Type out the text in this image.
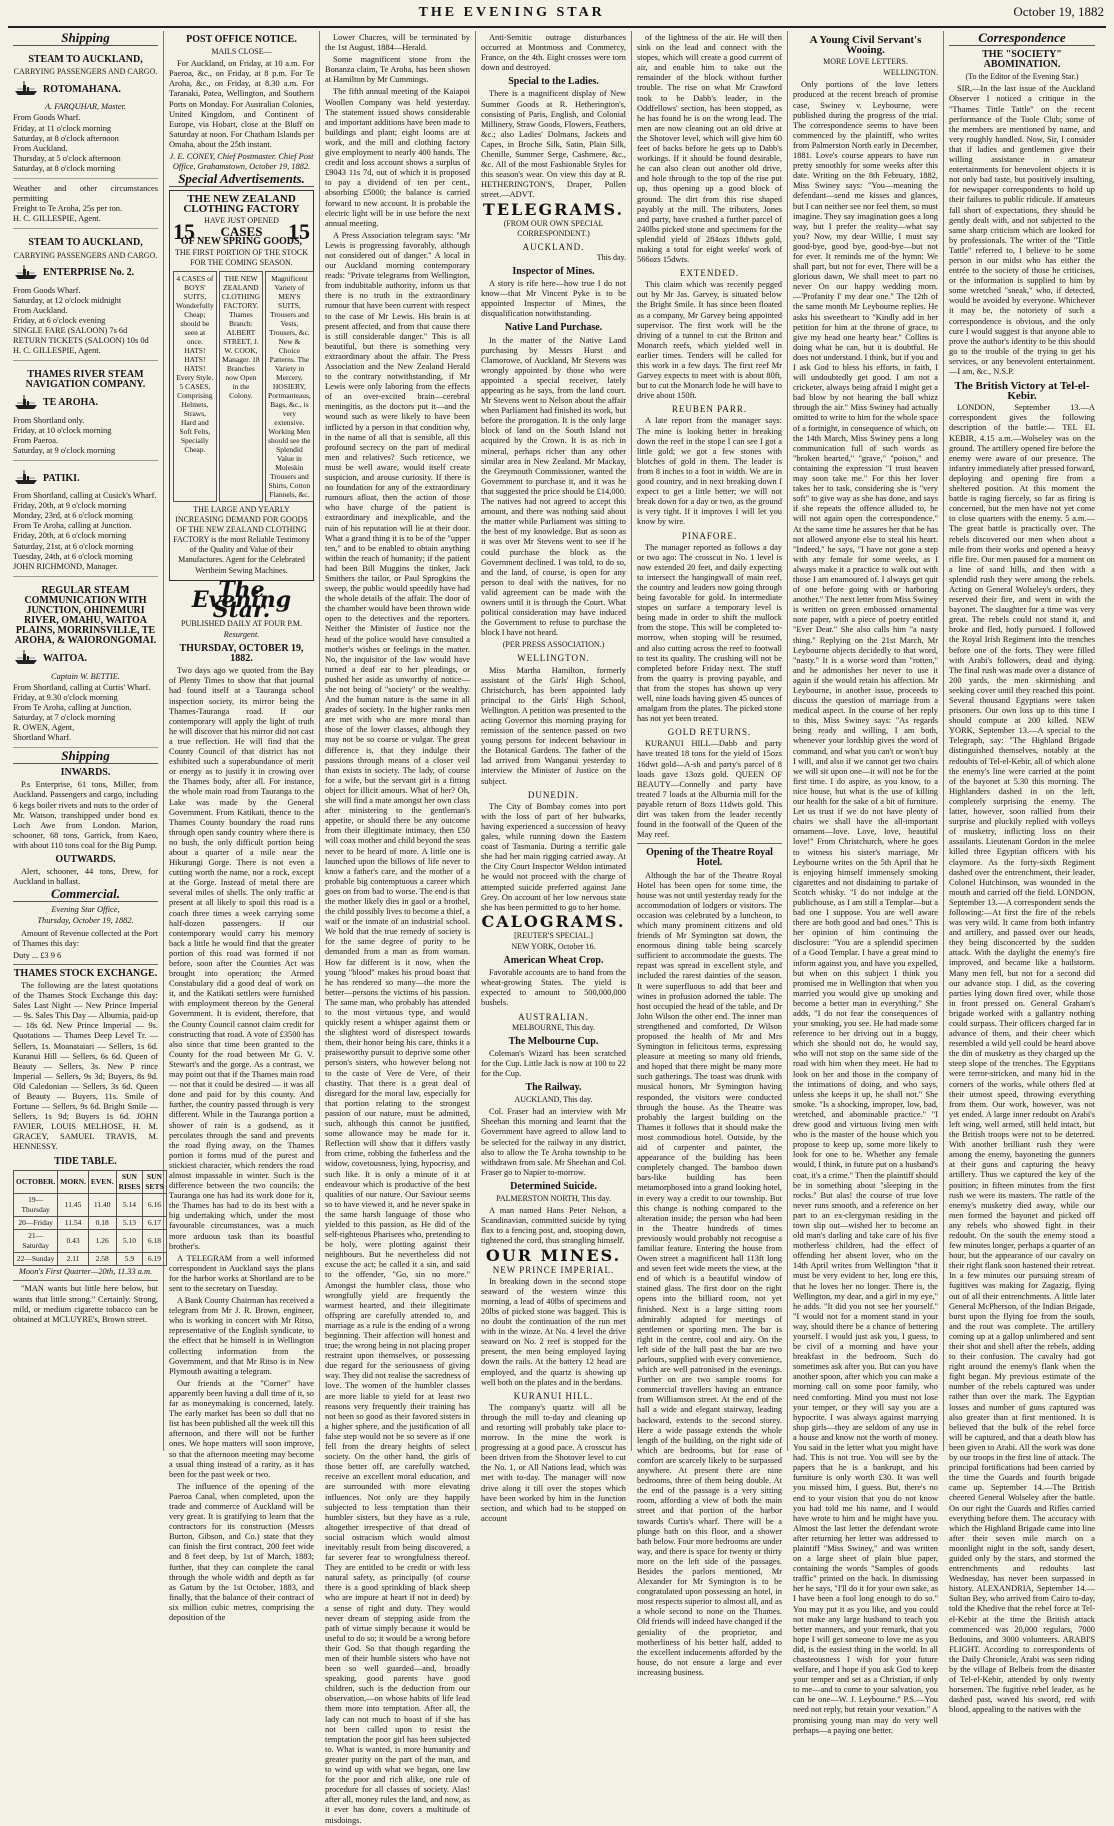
THE EVENING STAR	October 19, 1882
Shipping
STEAM TO AUCKLAND,
CARRYING PASSENGERS AND CARGO.
ROTOMAHANA.
A. FARQUHAR, Master.
From Goods Wharf.
Friday, at 11 o'clock morning
Saturday, at 8 o'clock afternoon
From Auckland.
Thursday, at 5 o'clock afternoon
Saturday, at 8 o'clock morning
Weather and other circumstances permitting
Freight to Te Aroha, 25s per ton.
H. C. GILLESPIE, Agent.
STEAM TO AUCKLAND,
CARRYING PASSENGERS AND CARGO.
ENTERPRISE No. 2.
From Goods Wharf.
Saturday, at 12 o'clock midnight
From Auckland.
Friday, at 6 o'clock evening
SINGLE FARE (SALOON) 7s 6d
RETURN TICKETS (SALOON) 10s 0d
H. C. GILLESPIE, Agent.
THAMES RIVER STEAM NAVIGATION COMPANY.
TE AROHA.
From Shortland only.
Friday, at 10 o'clock morning
From Paeroa.
Saturday, at 9 o'clock morning
PATIKI.
From Shortland, calling at Cusick's Wharf.
Friday, 20th, at 9 o'clock morning
Monday, 23rd, at 6 o'clock morning
From Te Aroha, calling at Junction.
Friday, 20th, at 6 o'clock morning
Saturday, 21st, at 6 o'clock morning
Tuesday, 24th, at 6 o'clock morning
JOHN RICHMOND, Manager.
REGULAR STEAM COMMUNICATION WITH JUNCTION, OHINEMURI RIVER, OMAHU, WAITOA PLAINS, MORRINSVILLE, TE AROHA, & WAIORONGOMAI.
WAITOA.
Captain W. BETTIE.
From Shortland, calling at Curtis' Wharf.
Friday, at 9.30 o'clock morning
From Te Aroha, calling at Junction.
Saturday, at 7 o'clock morning
R. OWEN, Agent,
Shortland Wharf.
Shipping
INWARDS.

P.s Enterprise, 61 tons, Miller, from Auckland. Passengers and cargo, including 6 kegs boiler rivets and nuts to the order of Mr. Watson, transhipped under bond ex Loch Awe from London. Marion, schooner, 68 tons, Garrick, from Kaeo, with about 110 tons coal for the Big Pump.

OUTWARDS.

Alert, schooner, 44 tons, Drew, for Auckland in ballast.

Commercial.
Evening Star Office,
Thursday, October 19, 1882.

Amount of Revenue collected at the Port of Thames this day:

Duty ... £3 9 6
THAMES STOCK EXCHANGE.

The following are the latest quotations of the Thames Stock Exchange this day: Sales Last Night — New Prince Imperial — 9s. Sales This Day — Alburnia, paid-up — 18s 6d. New Prince Imperial — 9s. Quotations — Thames Deep Level Tr. — Sellers, 1s. Moanataiari — Sellers, 1s 6d. Kuranui Hill — Sellers, 6s 6d. Queen of Beauty — Sellers, 3s. New P rince Imperial — Sellers, 9s 3d; Buyers, 8s 9d. Old Caledonian — Sellers, 3s 6d. Queen of Beauty — Buyers, 11s. Smile of Fortune — Sellers, 9s 6d. Bright Smile — Sellers, 1s 9d; Buyers 1s 6d. JOHN FAVIER, LOUIS MELHOSE, H. M. GRACEY, SAMUEL TRAVIS, M. HENNESSY.

TIDE TABLE.
OCTOBER.	MORN.	EVEN.	SUN RISES	SUN SETS
19—Thursday	11.45	11.40	5.14	6.16
20—Friday	11.54	0.18	5.13	6.17
21—Saturday	0.43	1.26	5.10	6.18
22—Sunday	2.11	2.58	5.9	6.19
Moon's First Quarter—20th, 11.33 a.m.

"MAN wants but little here below, but wants that little strong." Certainly. Strong, mild, or medium cigarette tobacco can be obtained at MCLUYRE's, Brown street.

POST OFFICE NOTICE.
MAILS CLOSE—

For Auckland, on Friday, at 10 a.m. For Paeroa, &c., on Friday, at 8 p.m. For Te Aroha, &c., on Friday, at 8.30 a.m. For Taranaki, Patea, Wellington, and Southern Ports on Monday. For Australian Colonies, United Kingdom, and Continent of Europe, via Hobart, close at the Bluff on Saturday at noon. For Chatham Islands per Omaha, about the 25th instant.

J. E. CONEY, Chief Postmaster. Chief Post Office, Grahamstown, October 19, 1882.
Special Advertisements.
THE NEW ZEALAND
CLOTHING FACTORY
HAVE JUST OPENED
15 CASES 15
OF NEW SPRING GOODS,
THE FIRST PORTION OF THE STOCK FOR THE COMING SEASON.
4 CASES of BOYS' SUITS, Wonderfully Cheap; should be seen at once. HATS! HATS! HATS! Every Style. 5 CASES, Comprising Helmets, Straws, Hard and Soft Felts, Specially Cheap.
THE NEW ZEALAND CLOTHING FACTORY. Thames Branch: ALBERT STREET, J. W. COOK, Manager. 18 Branches now Open in the Colony.
Magnificent Variety of MEN'S SUITS, Trousers and Vests, Trousers, &c. New & Choice Patterns. The Variety in Mercery, HOSIERY, Portmanteaus, Bags, &c., is very extensive. Working Men should see the Splendid Value in Moleskin Trousers and Shirts, Cotton Flannels, &c.
THE LARGE AND YEARLY INCREASING DEMAND FOR GOODS OF THE NEW ZEALAND CLOTHING FACTORY is the most Reliable Testimony of the Quality and Value of their Manufactures. Agent for the Celebrated Wertheim Sewing Machines.
The Evening Star.
PUBLISHED DAILY AT FOUR P.M.
Resurgent.
THURSDAY, OCTOBER 19, 1882.

Two days ago we quoted from the Bay of Plenty Times to show that that journal had found itself at a Tauranga school inspection society, its mirror being the Thames-Tauranga road. If our contemporary will apply the light of truth he will discover that his mirror did not cast a true reflection. He will find that the County Council of that district has not exhibited such a superabundance of merit or energy as to justify it in crowing over the Thames body, after all. For instance, the whole main road from Tauranga to the Lake was made by the General Government. From Katikati, thence to the Thames County boundary the road runs through open sandy country where there is no bush, the only difficult portion being about a quarter of a mile near the Hikurangi Gorge. There is not even a cutting worth the name, nor a rock, except at the Gorge. Instead of metal there are several miles of shells. The only traffic at present at all likely to spoil this road is a coach three times a week carrying some half-dozen passengers. If our contemporary would carry his memory back a little he would find that the greater portion of this road was formed if not before, soon after the Counties Act was brought into operation; the Armed Constabulary did a good deal of work on it, and the Katikati settlers were furnished with employment thereon by the General Government. It is evident, therefore, that the County Council cannot claim credit for constructing that road. A vote of £3500 has also since that time been granted to the County for the road between Mr G. V. Stewart's and the gorge. As a contrast, we may point out that if the Thames main road — not that it could be desired — it was all done and paid for by this county. And further, the country passed through is very different. While in the Tauranga portion a shower of rain is a godsend, as it percolates through the sand and prevents the road flying away, on the Thames portion it forms mud of the purest and stickiest character, which renders the road almost impassable in winter. Such is the difference between the two councils: the Tauranga one has had its work done for it, the Thames has had to do its best with a big undertaking which, under the most favourable circumstances, was a much more arduous task than its boastful brother's.

A TELEGRAM from a well informed correspondent in Auckland says the plans for the harbor works at Shortland are to be sent to the secretary on Tuesday.

A Bank County Chairman has received a telegram from Mr J. R. Brown, engineer, who is working in concert with Mr Ritso, representative of the English syndicate, to the effect that he himself is in Wellington collecting information from the Government, and that Mr Ritso is in New Plymouth awaiting a telegram.

Our friends at the "Corner" have apparently been having a dull time of it, so far as moneymaking is concerned, lately. The early market has been so dull that no list has been published all the week till this afternoon, and there will not be further ones. We hope matters will soon improve, so that the afternoon meeting may become a usual thing instead of a rarity, as it has been for the past week or two.

The influence of the opening of the Paeroa Canal, when completed, upon the trade and commerce of Auckland will be very great. It is gratifying to learn that the contractors for its construction (Messrs Burton, Gibson, and Co.) state that they can finish the first contract, 200 feet wide and 8 feet deep, by 1st of March, 1883; further, that they can complete the canal through the whole width and depth as far as Gatum by the 1st October, 1883, and finally, that the balance of their contract of six million cubic metres, comprising the deposition of the

Lower Chacres, will be terminated by the 1st August, 1884—Herald.

Some magnificent stone from the Bonanza claim, Te Aroha, has been shown at Hamilton by Mr Cummings.

The fifth annual meeting of the Kaiapoi Woollen Company was held yesterday. The statement issued shows considerable and important additions have been made to buildings and plant; eight looms are at work, and the mill and clothing factory give employment to nearly 400 hands. The credit and loss account shows a surplus of £9043 11s 7d, out of which it is proposed to pay a dividend of ten per cent., absorbing £5000; the balance is carried forward to new account. It is probable the electric light will be in use before the next annual meeting.

A Press Association telegram says: "Mr Lewis is progressing favorably, although not considered out of danger." A local in our Auckland morning contemporary reads: "Private telegrams from Wellington, from indubitable authority, inform us that there is no truth in the extraordinary rumour that have been current with respect to the case of Mr Lewis. His brain is at present affected, and from that cause there is still considerable danger." This is all beautiful, but there is something very extraordinary about the affair. The Press Association and the New Zealand Herald to the contrary notwithstanding, if Mr Lewis were only laboring from the effects of an over-excited brain—cerebral meningitis, as the doctors put it—and the wound such as were likely to have been inflicted by a person in that condition why, in the name of all that is sensible, all this profound secrecy on the part of medical men and relatives? Such reticence, we must be well aware, would itself create suspicion, and arouse curiosity. If there is no foundation for any of the extraordinary rumours afloat, then the action of those who have charge of the patient is extraordinary and inexplicable, and the ruin of his reputation will lie at their door. What a grand thing it is to be of the "upper ten," and to be enabled to obtain anything within the reach of humanity; if the patient had been Bill Muggins the tinker, Jack Smithers the tailor, or Paul Sprogkins the sweep, the public would speedily have had the whole details of the affair. The door of the chamber would have been thrown wide open to the detectives and the reporters. Neither the Minister of Justice nor the head of the police would have consulted a mother's wishes or feelings in the matter. No, the inquisitor of the law would have turned a deaf ear to her pleadings, or pushed her aside as unworthy of notice—she not being of "society" or the wealthy. And the human nature is the same in all grades of society. In the higher ranks men are met with who are more moral than those of the lower classes, although they may not be so coarse or vulgar. The great difference is, that they indulge their passions through means of a closer veil than exists in society. The lady, of course for a wife, but the servant girl is a fitting object for illicit amours. What of her? Oh, she will find a mate amongst her own class after ministering to the gentleman's appetite, or should there be any outcome from their illegitimate intimacy, then £50 will coax mother and child beyond the seas never to be heard of more. A little one is launched upon the billows of life never to know a father's care, and the mother of a probable big contemptuous a career which goes on from bad to worse. The end is that the mother likely dies in gaol or a brothel, the child possibly lives to become a thief, a waif or the inmate of an industrial school. We hold that the true remedy of society is for the same degree of purity to be demanded from a man as from woman. How far different is it now, when the young "blood" makes his proud boast that he has rendered so many—the more the better—persons the victims of his passion. The same man, who probably has attended to the most virtuous type, and would quickly resent a whisper against them or the slightest word of disrespect towards them, their honor being his care, thinks it a praiseworthy pursuit to deprive some other person's sisters, who however belong not to the caste of Vere de Vere, of their chastity. That there is a great deal of disregard for the moral law, especially for that portion relating to the strongest passion of our nature, must be admitted, such, although this cannot be justified, some allowance may be made for it. Reflection will show that it differs vastly from crime, robbing the fatherless and the widow, covetousness, lying, hypocrisy, and such like. It is only a minute of it at endeavour which is productive of the best qualities of our nature. Our Saviour seems so to have viewed it, and he never spake in the same harsh language of those who yielded to this passion, as He did of the self-righteous Pharisees who, pretending to be holy, were plotting against their neighbours. But he nevertheless did not excuse the act; he called it a sin, and said to the offender, "Go, sin no more." Amongst the humbler class, those who wrongfully yield are frequently the warmest hearted, and their illegitimate offspring are carefully attended to, and marriage as a rule is the ending of a wrong beginning. Their affection will honest and true; the wrong being in not placing proper restraint upon themselves, or possessing due regard for the seriousness of giving way. They did not realise the sacredness of love. The women of the humbler classes are more liable to yield for at least two reasons very frequently their training has not been so good as their favored sisters in a higher sphere, and the justification of all false step would not be so severe as if one fell from the dreary heights of select society. On the other hand, the girls of those better off, are carefully watched, receive an excellent moral education, and are surrounded with more elevating influences. Not only are they happily subjected to less temptation than their humbler sisters, but they have as a rule, altogether irrespective of that dread of social ostracism which would almost inevitably result from being discovered, a far severer fear to wrongfulness thereof. They are entitled to be credit or with less natural safety, as principally (of course there is a good sprinkling of black sheep who are impure at heart if not in deed) by a sense of right and duty. They would never dream of stepping aside from the path of virtue simply because it would be useful to do so; it would be a wrong before their God. So that though regarding the men of their humble sisters who have not been so well guarded—and, broadly speaking, good parents have good children, such is the deduction from our observation,—on whose habits of life lead them more into temptation. After all, the lady can not much to boast of if she has not been called upon to resist the temptation the poor girl has been subjected to. What is wanted, is more humanity and greater purity on the part of the man, and to wind up with what we began, one law for the poor and rich alike, one rule of procedure for all classes of society. Alas! after all, money rules the land, and now, as it ever has done, covers a multitude of misdoings.

Anti-Semitic outrage disturbances occurred at Montmoss and Commercy, France, on the 4th. Eight crosses were torn down and destroyed.

Special to the Ladies.

There is a magnificent display of New Summer Goods at R. Hetherington's, consisting of Paris, English, and Colonial Millinery, Straw Goods, Flowers, Feathers, &c.; also Ladies' Dolmans, Jackets and Capes, in Broche Silk, Satin, Plain Silk, Chenille, Summer Serge, Cashmere, &c., &c. All of the most Fashionable Styles for this season's wear. On view this day at R. HETHERINGTON'S, Draper, Pollen street.—ADVT.

TELEGRAMS.
(FROM OUR OWN SPECIAL CORRESPONDENT.)
AUCKLAND.
This day.
Inspector of Mines.

A story is rife here—how true I do not know—that Mr Vincent Pyke is to be appointed Inspector of Mines, the disqualification notwithstanding.

Native Land Purchase.

In the matter of the Native Land purchasing by Messrs Hurst and Clamorowe, of Auckland, Mr Stevens was wrongly appointed by those who were appointed a special receiver, lately appearing as he says, from the land court. Mr Stevens went to Nelson about the affair when Parliament had finished its work, but before the prorogation. It is the only large block of land on the South Island not acquired by the Crown. It is as rich in mineral, perhaps richer than any other similar area in New Zealand. Mr Mackay, the Greymouth Commissioner, wanted the Government to purchase it, and it was he that suggested the price should be £14,000. The natives had not agreed to accept this amount, and there was nothing said about the matter while Parliament was sitting to the best of my knowledge. But as soon as it was over Mr Stevens went to see if he could purchase the block as the Government declined. I was told, to do so, and the land, of course, is open for any person to deal with the natives, for no valid agreement can be made with the owners until it is through the Court. What political consideration may have induced the Government to refuse to purchase the block I have not heard.

(PER PRESS ASSOCIATION.)
WELLINGTON.

Miss Martha Hamilton, formerly assistant of the Girls' High School, Christchurch, has been appointed lady principal to the Girls' High School, Wellington. A petition was presented to the acting Governor this morning praying for remission of the sentence passed on two young persons for indecent behaviour in the Botanical Gardens. The father of the lad arrived from Wanganui yesterday to interview the Minister of Justice on the subject.

DUNEDIN.

The City of Bombay comes into port with the loss of part of her bulwarks, having experienced a succession of heavy gales, while running down the Eastern coast of Tasmania. During a terrific gale she had her main rigging carried away. At the City Court Inspector Weldon intimated he would not proceed with the charge of attempted suicide preferred against Jane Grey. On account of her low nervous state she has been permitted to go to her home.

CALOGRAMS.
[REUTER'S SPECIAL.]
NEW YORK, October 16.
American Wheat Crop.

Favorable accounts are to hand from the wheat-growing States. The yield is expected to amount to 500,000,000 bushels.

AUSTRALIAN.
MELBOURNE, This day.
The Melbourne Cup.

Coleman's Wizard has been scratched for the Cup. Little Jack is now at 100 to 22 for the Cup.

The Railway.
AUCKLAND, This day.

Col. Fraser had an interview with Mr Sheehan this morning and learnt that the Government have agreed to allow land to be selected for the railway in any district, also to allow the Te Aroha township to be withdrawn from sale. Mr Sheehan and Col. Fraser go to Napier to-morrow.

Determined Suicide.
PALMERSTON NORTH, This day.

A man named Hans Peter Nelson, a Scandinavian, committed suicide by tying flax to a fencing post, and, stooping down, tightened the cord, thus strangling himself.

OUR MINES.
NEW PRINCE IMPERIAL.

In breaking down in the second stope seaward of the western winze this morning, a lead of 40lbs of specimens and 20lbs of picked stone was bagged. This is no doubt the continuation of the run met with in the winze. At No. 4 level the drive seaward on No. 2 reef is stopped for the present, the men being employed laying down the rails. At the battery 12 head are employed, and the quartz is showing up well both on the plates and in the berdans.

KURANUI HILL.

The company's quartz will all be through the mill to-day and cleaning up and retorting will probably take place to-morrow. In the mine the work is progressing at a good pace. A crosscut has been driven from the Shotover level to cut the No. 1, or All Nations lead, which was met with to-day. The manager will now drive along it till over the stopes which have been worked by him in the Junction section, and which had to be stopped on account

of the lightness of the air. He will then sink on the lead and connect with the stopes, which will create a good current of air, and enable him to take out the remainder of the block without further trouble. The rise on what Mr Crawford took to be Dabb's leader, in the Oddfellows' section, has been stopped, as he has found he is on the wrong lead. The men are now cleaning out an old drive at the Shotover level, which will give him 60 feet of backs before he gets up to Dabb's workings. If it should be found desirable, he can also clean out another old drive, and hole through to the top of the rise put up, thus opening up a good block of ground. The dirt from this rise shaped payably at the mill. The tributers, Jones and party, have crushed a further parcel of 240lbs picked stone and specimens for the splendid yield of 284ozs 18dwts gold, making a total for eight weeks' work of 566ozs 15dwts.

EXTENDED.

This claim which was recently pegged out by Mr Jas. Garvey, is situated below the Bright Smile. It has since been floated as a company, Mr Garvey being appointed supervisor. The first work will be the driving of a tunnel to cut the Briton and Monarch reefs, which yielded well in earlier times. Tenders will be called for this work in a few days. The first reef Mr Garvey expects to meet with is about 80ft, but to cut the Monarch lode he will have to drive about 150ft.

REUBEN PARR.

A late report from the manager says: The mine is looking better in breaking down the reef in the stope I can see I got a little gold; we got a few stones with blotches of gold in them. The leader is from 8 inches to a foot in width. We are in good country, and in next breaking down I expect to get a little better; we will not break down for a day or two, as the ground is very tight. If it improves I will let you know by wire.

PINAFORE.

The manager reported as follows a day or two ago: The crosscut in No. 1 level is now extended 20 feet, and daily expecting to intersect the hangingwall of main reef, the country and leaders now going through being favorable for gold. In intermediate stopes on surface a temporary level is being made in order to shift the mullock from the stope. This will be completed to-morrow, when stoping will be resumed, and also cutting across the reef to footwall to test its quality. The crushing will not be completed before Friday next. The stuff from the quarry is proving payable, and that from the stopes has shown up very well, nine loads having given 45 ounces of amalgam from the plates. The picked stone has not yet been treated.

GOLD RETURNS.

KURANUI HILL—Dabb and party have treated 18 tons for the yield of 15ozs 16dwt gold—A-sh and party's parcel of 8 loads gave 13ozs gold. QUEEN OF BEAUTY—Connelly and party have treated 7 loads at the Alburnia mill for the payable return of 8ozs 11dwts gold. This dirt was taken from the leader recently found in the footwall of the Queen of the May reef.

Opening of the Theatre Royal Hotel.

Although the bar of the Theatre Royal Hotel has been open for some time, the house was not until yesterday ready for the accommodation of lodgers or visitors. The occasion was celebrated by a luncheon, to which many prominent citizens and old friends of Mr Symington sat down, the enormous dining table being scarcely sufficient to accommodate the guests. The repast was spread in excellent style, and included the rarest dainties of the season. It were superfluous to add that beer and wines in profusion adorned the table. The host occupied the head of the table, and Dr John Wilson the other end. The inner man strengthened and comforted, Dr Wilson proposed the health of Mr and Mrs Symington in felicitous terms, expressing pleasure at meeting so many old friends, and hoped that there might be many more such gatherings. The toast was drunk with musical honors, Mr Symington having responded, the visitors were conducted through the house. As the Theatre was probably the largest building on the Thames it follows that it should make the most commodious hotel. Outside, by the aid of carpenter and painter, the appearance of the building has been completely changed. The bamboo down bars-like building has been metamorphosed into a grand looking hotel, in every way a credit to our township. But this change is nothing compared to the alteration inside; the person who had been in the Theatre hundreds of times previously would probably not recognise a familiar feature. Entering the house from Owen street a magnificent hall 113ft long and seven feet wide meets the view, at the end of which is a beautiful window of stained glass. The first door on the right opens into the billiard room, not yet finished. Next is a large sitting room admirably adapted for meetings of gentlemen or sporting men. The bar is right in the centre, cool and airy. On the left side of the hall past the bar are two parlours, supplied with every convenience, which are well patronised in the evenings. Further on are two sample rooms for commercial travellers having an entrance from Williamson street. At the end of the hall a wide and elegant stairway, leading backward, extends to the second storey. Here a wide passage extends the whole length of the building, on the right side of which are bedrooms, but for ease of comfort are scarcely likely to be surpassed anywhere. At present there are nine bedrooms, three of them being double. At the end of the passage is a very sitting room, affording a view of both the main street and that portion of the harbor towards Curtis's wharf. There will be a plunge bath on this floor, and a shower bath below. Four more bedrooms are under way, and there is space for twenty or thirty more on the left side of the passages. Besides the parlors mentioned, Mr Alexander for Mr Symington is to be congratulated upon possessing an hotel, in most respects superior to almost all, and as a whole second to none on the Thames. Old friends will indeed have changed if the geniality of the proprietor, and motherliness of his better half, added to the excellent inducements afforded by the house, do not ensure a large and ever increasing business.

A Young Civil Servant's Wooing.
MORE LOVE LETTERS.
WELLINGTON.

Only portions of the love letters produced at the recent breach of promise case, Swiney v. Leybourne, were published during the progress of the trial. The correspondence seems to have been commenced by the plaintiff, who writes from Palmerston North early in December, 1881. Love's course appears to have run pretty smoothly for some weeks after this date. Writing on the 8th February, 1882, Miss Swiney says: "You—meaning the defendant—send me kisses and glances, but I can neither see nor feel them, so must imagine. They say imagination goes a long way, but I prefer the reality—what say you? Now, my dear Willie, I must say good-bye, good bye, good-bye—but not for ever. It reminds me of the hymn: We shall part, but not for ever, There will be a glorious dawn, We shall meet to part no never On our happy wedding morn. —'Profanity I' my dear one." The 12th of the same month Mr Leybourne replies. He asks his sweetheart to "Kindly add in her petition for him at the throne of grace, to give my head one hearty bear." Collins is doing what he can, but it is doubtful. He does not understand. I think, but if you and I ask God to bless his efforts, in faith, I will undoubtedly get good. I am not a cricketer, always being afraid I might get a bad blow by not hearing the ball whizz through the air." Miss Swiney had actually omitted to write to him for the whole space of a fortnight, in consequence of which, on the 14th March, Miss Swiney pens a long communication full of such words as "broken hearted," "grave," "poison," and containing the expression "I trust heaven may soon take me." For this her lover takes her to task, considering she is "very soft" to give way as she has done, and says if she repeats the offence alluded to, he will not again open the correspondence." At the same time he assures her that he has not allowed anyone else to steal his heart. "Indeed," he says, "I have not gone a step with any female for some weeks, as I always make it a practice to walk out with those I am enamoured of. I always get quit of one before going with or harboring another." The next letter from Miss Swiney is written on green embossed ornamental note paper, with a piece of poetry entitled "Ever Dear." She also calls him "a nasty thing." Replying on the 21st March, Mr Leybourne objects decidedly to that word, "nasty." It is a worse word than "rotten," and he admonishes her never to use it again if she would retain his affection. Mr Leybourne, in another issue, proceeds to discuss the question of marriage from a medical aspect. In the course of her reply to this, Miss Swiney says: "As regards being ready and willing, I am both, whenever your lordship gives the word of command, and what you can't or won't buy I will, and also if we cannot get two chairs we will sit upon one—it will not be for the first time. I do aspire, as you know, to a nice house, but what is the use of killing our health for the sake of a bit of furniture. Let us trust if we do not have plenty of chairs we shall have the all-important ornament—love. Love, love, beautiful love!" From Christchurch, where he goes to witness his sister's marriage, Mr Leybourne writes on the 5th April that he is enjoying himself immensely smoking cigarettes and not disdaining to partake of Scotch whisky. "I do not indulge at the publichouse, as I am still a Templar—but a bad one I suppose. You are well aware there are both good and bad ones." This is her opinion of him continuing the disclosure: "You are a splendid specimen of a Good Templar. I have a great mind to inform against you, and have you expelled, but when on this subject I think you promised me in Wellington that when you married you would give up smoking and become a better man in everything." She adds, "I do not fear the consequences of your smoking, you see. He had made some reference to her driving out in a buggy, which she should not do, he would say, who will not stop on the same side of the road with him when they meet. He had to look on her and those in the company of the intimations of doing, and who says, unless she keeps it up, he shall not." She smoke. "Is a shocking, improper, low, bad, wretched, and abominable practice." "I drew good and virtuous living men with who is the master of the house which you propose to keep up, some more likely to look for one to be. Whether any female would, I think, in future put on a husband's coat, it's a crime." Then the plaintiff should be in something about "sleeping in the rocks." But alas! the course of true love never runs smooth, and a reference on her part to an ex-clergyman residing in the town slip out—wished her to become an old man's darling and take care of his five motherless children, had the effect of offending her absent lover, who on the 14th April writes from Wellington "that it must be very evident to her, long ere this, that he loves her no longer. There is, the Wellington, my dear, and a girl in my eye," he adds. "It did you not see her yourself." "I would not for a moment stand in your way, should there be a chance of bettering yourself. I would just ask you, I guess, to be civil of a morning and have your breakfast in the bedroom. Such do sometimes ask after you. But can you have another spoon, after which you can make a morning call on some poor family, who need comforting. Mind you must not lose your temper, or they will say you are a hypocrite. I was always against marrying shop girls—they are seldom of any use in a house and know not the worth of money. You said in the letter what you might have had. This is not true. You will see by the papers that he is a bankrupt, and his furniture is only worth £30. It was well you missed him, I guess. But, there's no end to your vision that you do not know you had told me his name, and I would have wrote to him and he might have you. Almost the last letter the defendant wrote after returning her letter was addressed to plaintiff "Miss Swiney," and was written on a large sheet of plain blue paper, containing the words "Samples of goods traffic" printed on the back. In dismissing her he says, "I'll do it for your own sake, as I have been a fool long enough to do so." You may put it as you like, and you could not make any large husband to teach you better manners, and your remark, that you hope I will get someone to love me as you did, is the easiest thing in the world. In all chasteousness I wish for your future welfare, and I hope if you ask God to keep your temper and set as a Christian, if only to me—and to come to your salvation, you can be one—W. J. Leybourne." P.S.—You need not reply, but retain your vexation." A promising young man may do very well perhaps—a paying one better.

Correspondence
THE "SOCIETY" ABOMINATION.
(To the Editor of the Evening Star.)

SIR,—In the last issue of the Auckland Observer I noticed a critique in the "Thames Tittle Tattle" on the recent performance of the Toole Club; some of the members are mentioned by name, and very roughly handled. Now, Sir, I consider that if ladies and gentlemen give their willing assistance in amateur entertainments for benevolent objects it is not only bad taste, but positively insulting, for newspaper correspondents to hold up their failures to public ridicule. If amateurs fall short of expectations, they should be gently dealt with, and not subjected to the same sharp criticism which are looked for by professionals. The writer of the "Tittle Tattle" referred to, I believe to be some person in our midst who has either the entrée to the society of those he criticises, or the information is supplied to him by some wretched "sneak," who, if detected, would be avoided by everyone. Whichever it may be, the notoriety of such a correspondence is obvious, and the only cure I would suggest is that anyone able to prove the author's identity to be this should go to the trouble of the trying to get his services, or any benevolent entertainment.—I am, &c., N.S.P.

The British Victory at Tel-el-Kebir.

LONDON, September 13.—A correspondent gives the following description of the battle:— TEL EL KEBIR, 4.15 a.m.—Wolseley was on the ground. The artillery opened fire before the enemy were aware of our presence. The infantry immediately after pressed forward, deploying and opening fire from a sheltered position. At this moment the battle is raging fiercely, so far as firing is concerned, but the men have not yet come to close quarters with the enemy. 5 a.m.—The great battle is practically over. The rebels discovered our men when about a mile from their works and opened a heavy rifle fire. Our men paused for a moment on a line of sand hills, and then with a splendid rush they were among the rebels. Acting on General Wolseley's orders, they reserved their fire, and went in with the bayonet. The slaughter for a time was very great. The rebels could not stand it, and broke and fled, hotly pursued. I followed the Royal Irish Regiment into the trenches before one of the forts. They were filled with Arabi's followers, dead and dying. The final rush was made over a distance of 200 yards, the men skirmishing and seeking cover until they reached this point. Several thousand Egyptians were taken prisoners. Our own loss up to this time I should compute at 200 killed. NEW YORK, September 13.—A special to the Telegraph, say: "The Highland Brigade distinguished themselves, notably at the redoubts of Tel-el-Kebir, all of which alone the enemy's line were carried at the point of the bayonet at 5.30 this morning. The Highlanders dashed in on the left, completely surprising the enemy. The latter, however, soon rallied from their surprise and pluckily replied with volleys of musketry, inflicting loss on their assailants. Lieutenant Gordon in the melee killed three Egyptian officers with his claymore. As the forty-sixth Regiment dashed over the entrenchment, their leader, Colonel Hutchinson, was wounded in the mouth and carried off the field. LONDON, September 13.—A correspondent sends the following:—At first the fire of the rebels was very wild. It came from both infantry and artillery, and passed over our heads, they being disconcerted by the sudden attack. With the daylight the enemy's fire improved, and became like a hailstorm. Many men fell, but not for a second did our advance stop. I did, as the covering parties lying down fired over, while those in front pressed on. General Graham's brigade worked with a gallantry nothing could surpass. Their officers charged far in advance of them, and their cheer which resembled a wild yell could be heard above the din of musketry as they charged up the steep slope of the trenches. The Egyptians were terror-stricken, and many hid in the corners of the works, while others fled at their utmost speed, throwing everything from them. Our work, however, was not yet ended. A large inner redoubt on Arabi's left wing, well armed, still held intact, but the British troops were not to be deterred. With another brilliant rush they were among the enemy, bayoneting the gunners at their guns and capturing the heavy artillery. Thus we captured the key of the position; in fifteen minutes from the first rush we were its masters. The rattle of the enemy's musketry died away, while our men formed the bayonet and picked off any rebels who showed fight in their redoubt. On the south the enemy stood a few minutes longer, perhaps a quarter of an hour, but the appearance of our cavalry on their right flank soon hastened their retreat. In a few minutes our pursuing stream of fugitives was making for Zagazig, flying out of all their entrenchments. A little later General McPherson, of the Indian Brigade, burst upon the flying foe from the south, and the rout was complete. The artillery coming up at a gallop unlimbered and sent their shot and shell after the rebels, adding to their confusion. The cavalry had got right around the enemy's flank when the fight began. My previous estimate of the number of the rebels captured was under rather than over the mark. The Egyptian losses and number of guns captured was also greater than at first mentioned. It is believed that the bulk of the rebel force will be captured, and that a death blow has been given to Arabi. All the work was done by our troops in the first line of attack. The principal fortifications had been carried by the time the Guards and fourth brigade came up. September 14.—The British cheered General Wolseley after the battle. On our right the Guards and Rifles carried everything before them. The accuracy with which the Highland Brigade came into line after their seven mile march on a moonlight night in the soft, sandy desert, guided only by the stars, and stormed the entrenchments and redoubts last Wednesday, has never been surpassed in history. ALEXANDRIA, September 14.—Sultan Bey, who arrived from Cairo to-day, told the Khedive that the rebel force at Tel-el-Kebir at the time the British attack commenced was 20,000 regulars, 7000 Bedouins, and 3000 volunteers. ARABI'S FLIGHT. According to correspondents of the Daily Chronicle, Arabi was seen riding by the village of Belbeis from the disaster of Tel-el-Kebir, attended by only twenty horsemen. The fugitive rebel leader, as he dashed past, waved his sword, red with blood, appealing to the natives with the
